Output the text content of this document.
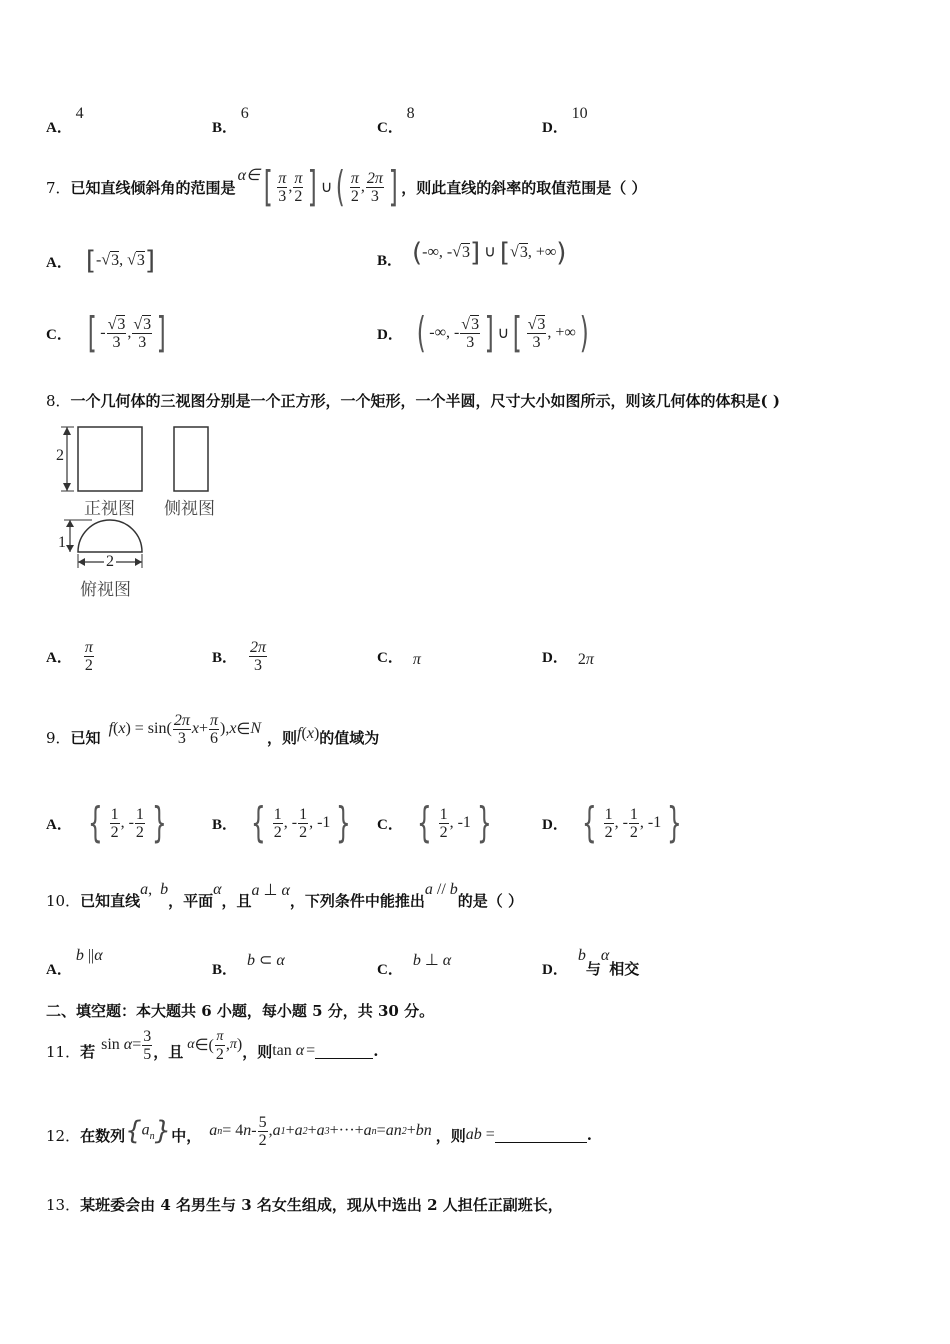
A． 4
B． 6
C． 8
D． 10
7． 已知直线倾斜角的范围是
α∈ [ $\frac{\pi}{3}$ , $\frac{\pi}{2}$ ] ∪ ( $\frac{\pi}{2}$ , $\frac{2\pi}{3}$ ] ，则此直线的斜率的取值范围是（ ）
A． [-√3, √3]	B． (-∞, -√3] ∪ [√3, +∞)
C． [ - $\frac{√3}{3}$ , $\frac{√3}{3}$ ]	D． ( -∞, - $\frac{√3}{3}$ ] ∪ [ $\frac{√3}{3}$ , +∞ )
8．一个几何体的三视图分别是一个正方形，一个矩形，一个半圆，尺寸大小如图所示，则该几何体的体积是( )
2
1
2
正视图 侧视图
俯视图
A． $\frac{\pi}{2}$	B． $\frac{2\pi}{3}$	C． π	D． 2π
9． 已知 f ( x ) = $\sin( \frac{2\pi}{3}$ $x + \frac{\pi}{6}$ ), x ∈ N ，则 f(x) 的值域为
A． { $\frac{1}{2}$ , - $\frac{1}{2}$ }	B． { $\frac{1}{2}$ , - $\frac{1}{2}$ , -1 } C． { $\frac{1}{2}$ , -1 }	D． { $\frac{1}{2}$ , - $\frac{1}{2}$ , -1 }
10． 已知直线
a,  b
，平面
α
，且
a ⊥ α
，下列条件中能推出
a // b
的是（ ）
A．
b ||α
B．
b ⊂ α
C．
b ⊥ α
D．
b
与
α
相交
二、填空题：本大题共 6 小题，每小题 5 分，共 30 分。
11． 若 $\sin \alpha = \frac{3}{5}$ ，且 α ∈( $\frac{\pi}{2}$ , π ) ，则 tan α =	.
12． 在数列 $\{a_n\}$ 中， a n = 4 n - $\frac{5}{2}$ , a 1 + a 2 + a 3 +···+ a n = an 2 + bn ，则 ab =	.
13．某班委会由 4 名男生与 3 名女生组成，现从中选出 2 人担任正副班长，
